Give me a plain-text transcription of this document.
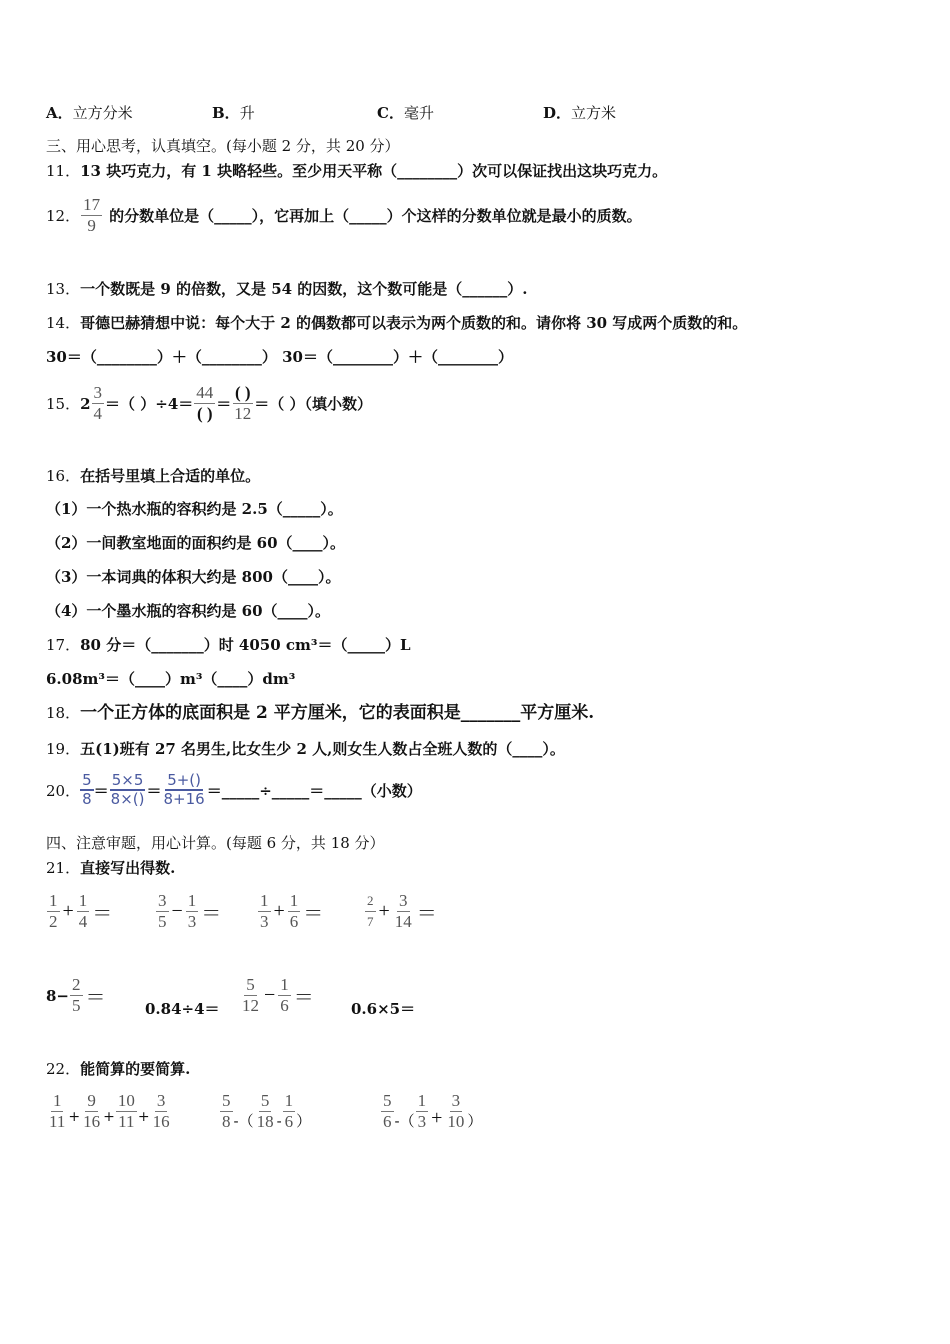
A．立方分米	B．升	C．毫升	D．立方米
三、用心思考，认真填空。(每小题 2 分，共 20 分）
11．13 块巧克力，有 1 块略轻些。至少用天平称（________）次可以保证找出这块巧克力。
12． $\frac{17}{9}$ 的分数单位是（_____），它再加上（_____）个这样的分数单位就是最小的质数。
13．一个数既是 9 的倍数，又是 54 的因数，这个数可能是（______）.
14．哥德巴赫猜想中说：每个大于 2 的偶数都可以表示为两个质数的和。请你将 30 写成两个质数的和。
30＝（________）＋（________） 30＝（________）＋（________）
15． $2 \frac{3}{4}$ ＝（ ）$\div 4= \frac{44}{( )} = \frac{( )}{12}$ ＝（ ）（填小数）
16．在括号里填上合适的单位。
（1）一个热水瓶的容积约是 2.5（_____）。
（2）一间教室地面的面积约是 60（____）。
（3）一本词典的体积大约是 800（____）。
（4）一个墨水瓶的容积约是 60（____）。
17．80 分＝（_______）时 4050 cm³＝（_____）L
6.08m³＝（____）m³（____）dm³
18．一个正方体的底面积是 2 平方厘米，它的表面积是_______平方厘米.
19．五(1)班有 27 名男生,比女生少 2 人,则女生人数占全班人数的（____）。
20．
5
8 ＝
5×5
8×() ＝
5+()
8+16 ＝_____÷_____＝_____（小数）
四、注意审题，用心计算。(每题 6 分，共 18 分）
21．直接写出得数.
$\frac{1}{2} + \frac{1}{4}$ ＝	$\frac{3}{5} - \frac{1}{3} = \frac{1}{3} + \frac{1}{6}$ ＝	$\frac{2}{7} + \frac{3}{14}$ ＝
$8- \frac{2}{5}$ ＝	$0.84\div 4= \frac{5}{12} - \frac{1}{6} = 0.6\times 5=$
22．能简算的要简算.
$\frac{1}{11} + \frac{9}{16} + \frac{10}{11} + \frac{3}{16}$	$\frac{5}{8}$ -（ $\frac{5}{18} - \frac{1}{6}$ ）	$\frac{5}{6}$ -（ $\frac{1}{3} + \frac{3}{10}$ ）
